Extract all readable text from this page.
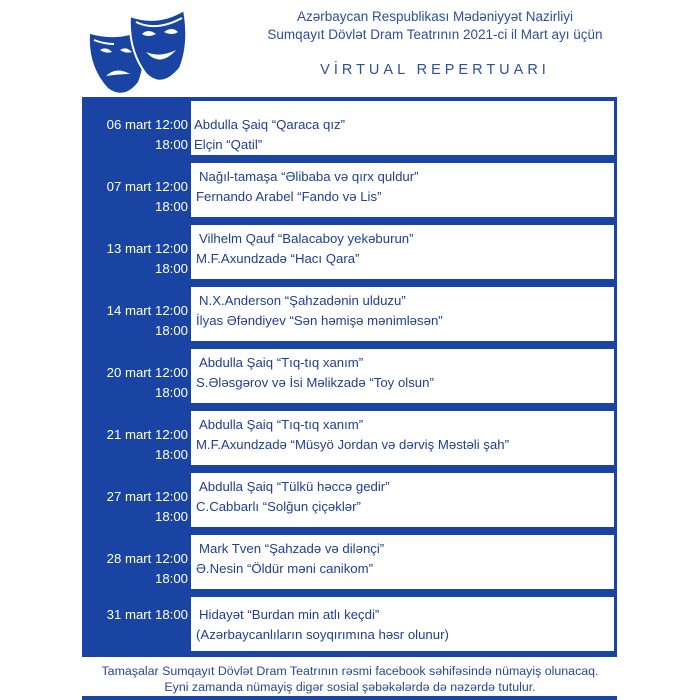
Azərbaycan Respublikası Mədəniyyət Nazirliyi
Sumqayıt Dövlət Dram Teatrının 2021-ci il Mart ayı üçün
VİRTUAL REPERTUARI
06 mart 12:00
18:00
Abdulla Şaiq “Qaraca qız”
Elçin “Qatil”
07 mart 12:00
18:00
Nağıl-tamaşa “Əlibaba və qırx quldur”
Fernando Arabel “Fando və Lis”
13 mart 12:00
18:00
Vilhelm Qauf “Balacaboy yekəburun”
M.F.Axundzadə “Hacı Qara”
14 mart 12:00
18:00
N.X.Anderson “Şahzadənin ulduzu”
İlyas Əfəndiyev “Sən həmişə mənimləsən”
20 mart 12:00
18:00
Abdulla Şaiq “Tıq-tıq xanım”
S.Ələsgərov və İsi Məlikzadə “Toy olsun”
21 mart 12:00
18:00
Abdulla Şaiq “Tıq-tıq xanım”
M.F.Axundzadə “Müsyö Jordan və dərviş Məstəli şah”
27 mart 12:00
18:00
Abdulla Şaiq “Tülkü həccə gedir”
C.Cabbarlı “Solğun çiçəklər”
28 mart 12:00
18:00
Mark Tven “Şahzadə və dilənçi”
Ə.Nesin “Öldür məni canikom”
31 mart 18:00 Hidayət “Burdan min atlı keçdi”
(Azərbaycanlıların soyqırımına həsr olunur)
Tamaşalar Sumqayıt Dövlət Dram Teatrının rəsmi facebook səhifəsində nümayiş olunacaq.
Eyni zamanda nümayiş digər sosial şəbəkələrdə də nəzərdə tutulur.
